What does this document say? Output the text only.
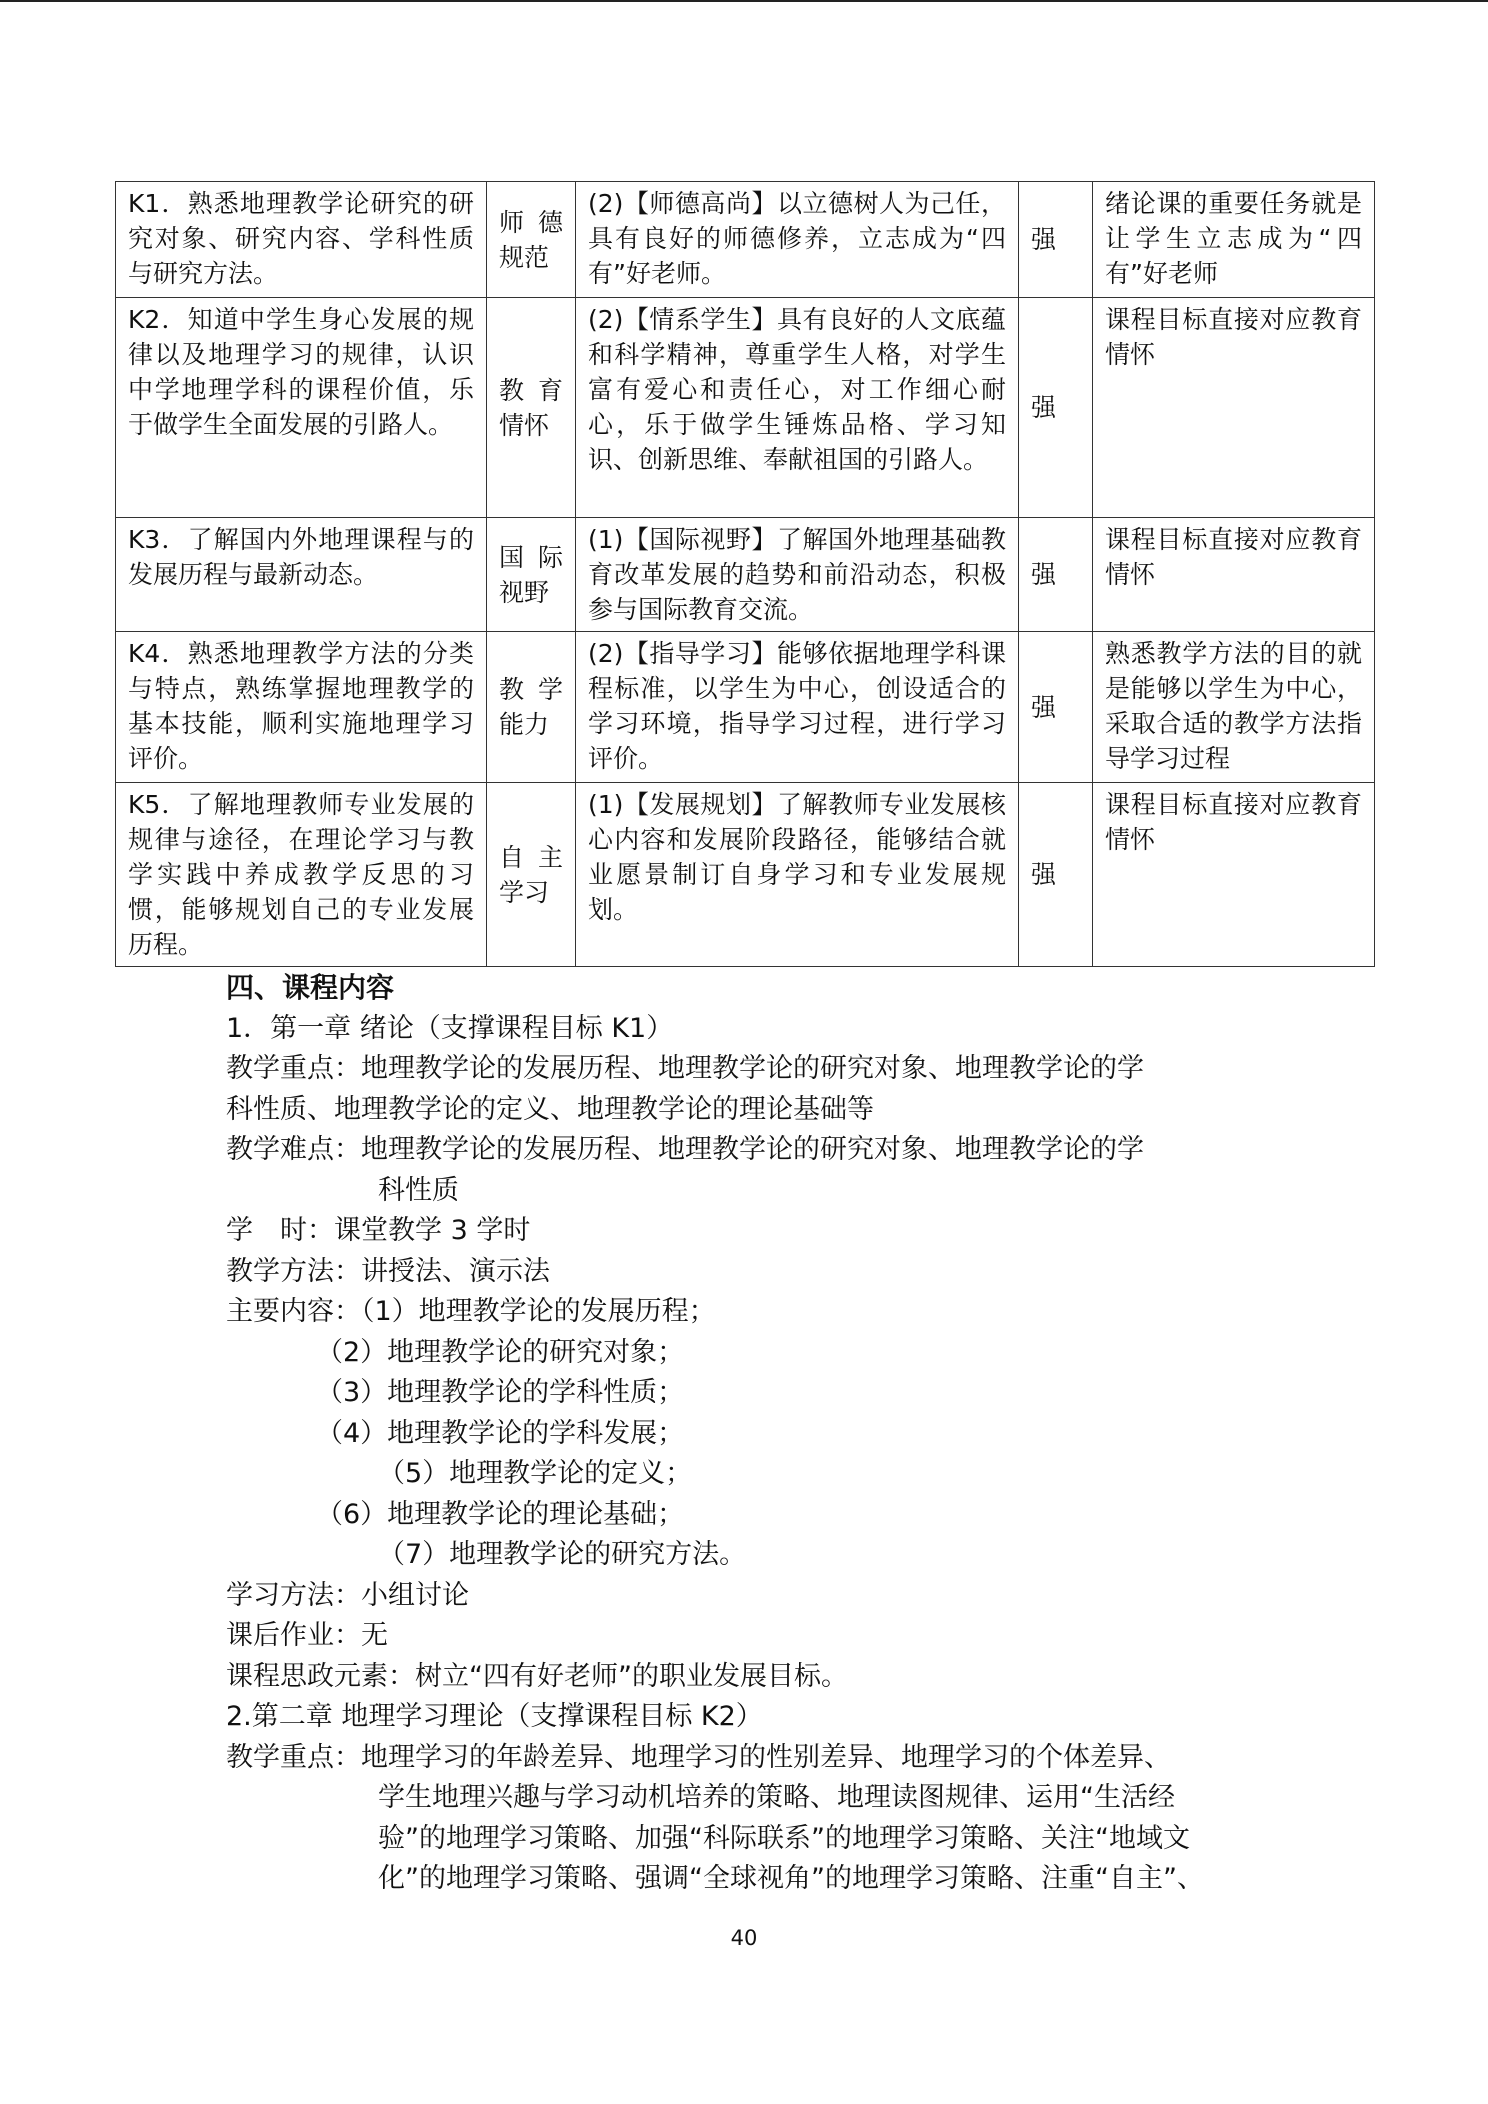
K1．熟悉地理教学论研究的研究对象、研究内容、学科性质与研究方法。	师德规范	(2)【师德高尚】以立德树人为己任，具有良好的师德修养，立志成为“四有”好老师。	强	绪论课的重要任务就是让学生立志成为“四有”好老师
K2．知道中学生身心发展的规律以及地理学习的规律，认识中学地理学科的课程价值，乐于做学生全面发展的引路人。	教育情怀	(2)【情系学生】具有良好的人文底蕴和科学精神，尊重学生人格，对学生富有爱心和责任心，对工作细心耐心，乐于做学生锤炼品格、学习知识、创新思维、奉献祖国的引路人。	强	课程目标直接对应教育情怀
K3．了解国内外地理课程与的发展历程与最新动态。	国际视野	(1)【国际视野】了解国外地理基础教育改革发展的趋势和前沿动态，积极参与国际教育交流。	强	课程目标直接对应教育情怀
K4．熟悉地理教学方法的分类与特点，熟练掌握地理教学的基本技能，顺利实施地理学习评价。	教学能力	(2)【指导学习】能够依据地理学科课程标准，以学生为中心，创设适合的学习环境，指导学习过程，进行学习评价。	强	熟悉教学方法的目的就是能够以学生为中心，采取合适的教学方法指导学习过程
K5．了解地理教师专业发展的规律与途径，在理论学习与教学实践中养成教学反思的习惯，能够规划自己的专业发展历程。	自主学习	(1)【发展规划】了解教师专业发展核心内容和发展阶段路径，能够结合就业愿景制订自身学习和专业发展规划。	强	课程目标直接对应教育情怀
四、课程内容
1．第一章 绪论（支撑课程目标 K1）
教学重点：地理教学论的发展历程、地理教学论的研究对象、地理教学论的学
科性质、地理教学论的定义、地理教学论的理论基础等
教学难点：地理教学论的发展历程、地理教学论的研究对象、地理教学论的学
科性质
学　时：课堂教学 3 学时
教学方法：讲授法、演示法
主要内容：（1）地理教学论的发展历程；
（2）地理教学论的研究对象；
（3）地理教学论的学科性质；
（4）地理教学论的学科发展；
（5）地理教学论的定义；
（6）地理教学论的理论基础；
（7）地理教学论的研究方法。
学习方法：小组讨论
课后作业：无
课程思政元素：树立“四有好老师”的职业发展目标。
2.第二章 地理学习理论（支撑课程目标 K2）
教学重点：地理学习的年龄差异、地理学习的性别差异、地理学习的个体差异、
学生地理兴趣与学习动机培养的策略、地理读图规律、运用“生活经
验”的地理学习策略、加强“科际联系”的地理学习策略、关注“地域文
化”的地理学习策略、强调“全球视角”的地理学习策略、注重“自主”、
40
